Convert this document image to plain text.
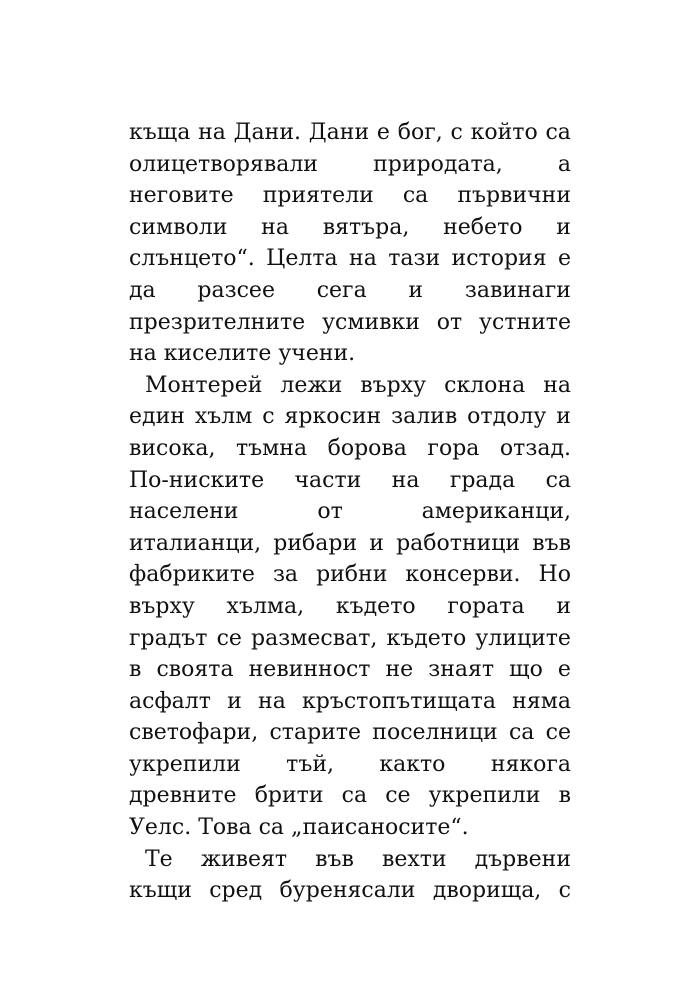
къща на Дани. Дани е бог, с който са
олицетворявали	природата,	а
неговите приятели са първични
символи на вятъра, небето и
слънцето“. Целта на тази история е
да разсее сега и завинаги
презрителните усмивки от устните
на киселите учени.
Монтерей лежи върху склона на
един хълм с яркосин залив отдолу и
висока, тъмна борова гора отзад.
По-ниските части на града са
населени	от	американци,
италианци, рибари и работници във
фабриките за рибни консерви. Но
върху хълма, където гората и
градът се размесват, където улиците
в своята невинност не знаят що е
асфалт и на кръстопътищата няма
светофари, старите поселници са се
укрепили тъй, както някога
древните брити са се укрепили в
Уелс. Това са „паисаносите“.
Те живеят във вехти дървени
къщи сред буренясали дворища, с
